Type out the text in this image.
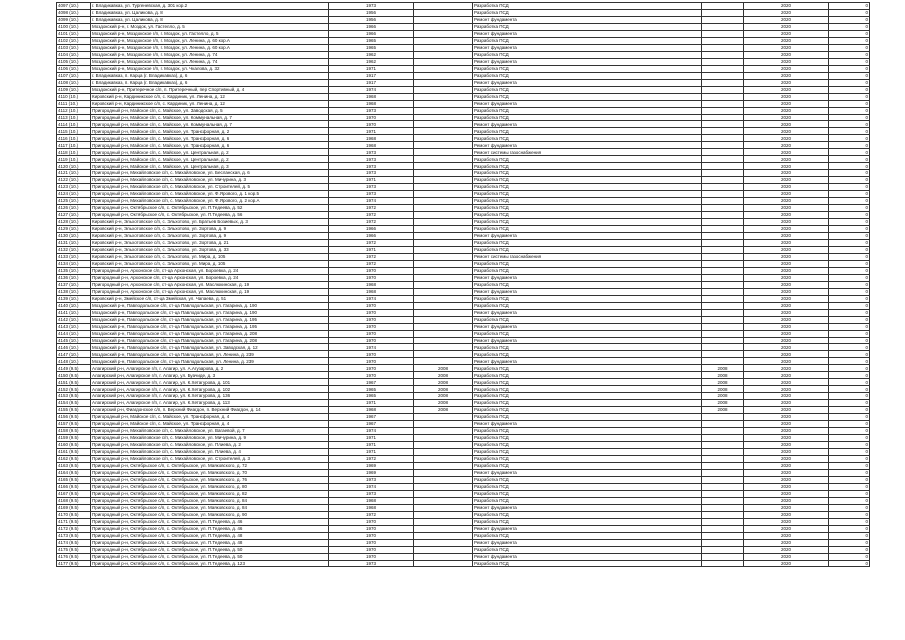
4097 (10.)	г. Владикавказ, ул. Тургеневская, д. 301 кор.2	1973		Разработка ПСД		2020	0
4098 (10.)	г. Владикавказ, ул. Цаликова, д. 8	1956		Разработка ПСД		2020	0
4099 (10.)	г. Владикавказ, ул. Цаликова, д. 8	1956		Ремонт фундамента		2020	0
4100 (10.)	Моздокский р-н, г. Моздок, ул. Гастелло, д. 5	1966		Разработка ПСД		2020	0
4101 (10.)	Моздокский р-н, Моздокское г/п, г. Моздок, ул. Гастелло, д. 5	1966		Ремонт фундамента		2020	0
4102 (10.)	Моздокский р-н, Моздокское г/п, г. Моздок, ул. Ленина, д. 60 кор.А	1965		Разработка ПСД		2020	0
4103 (10.)	Моздокский р-н, Моздокское г/п, г. Моздок, ул. Ленина, д. 60 кор.А	1965		Ремонт фундамента		2020	0
4104 (10.)	Моздокский р-н, Моздокское г/п, г. Моздок, ул. Ленина, д. 74	1962		Разработка ПСД		2020	0
4105 (10.)	Моздокский р-н, Моздокское г/п, г. Моздок, ул. Ленина, д. 74	1962		Ремонт фундамента		2020	0
4106 (10.)	Моздокский р-н, Моздокское г/п, г. Моздок, ул. Чкалова, д. 32	1971		Разработка ПСД		2020	0
4107 (10.)	г. Владикавказ, п. Карца (г. Владикавказ), д. 6	1917		Разработка ПСД		2020	0
4108 (10.)	г. Владикавказ, п. Карца (г. Владикавказ), д. 6	1917		Ремонт фундамента		2020	0
4109 (10.)	Моздокский р-н, Притеречное с/п, п. Притеречный, пер Спортивный, д. 4	1974		Разработка ПСД		2020	0
4110 (10.)	Кировский р-н, Кардиникское с/п, с. Кардиник, ул. Ленина, д. 12	1968		Разработка ПСД		2020	0
4111 (10.)	Кировский р-н, Кардиникское с/п, с. Кардиник, ул. Ленина, д. 12	1968		Ремонт фундамента		2020	0
4112 (10.)	Пригородный р-н, Майское с/п, с. Майское, ул. Заводская, д. 5	1973		Разработка ПСД		2020	0
4113 (10.)	Пригородный р-н, Майское с/п, с. Майское, ул. Коммунальная, д. 7	1970		Разработка ПСД		2020	0
4114 (10.)	Пригородный р-н, Майское с/п, с. Майское, ул. Коммунальная, д. 7	1970		Ремонт фундамента		2020	0
4115 (10.)	Пригородный р-н, Майское с/п, с. Майское, ул. Трансфорная, д. 2	1971		Разработка ПСД		2020	0
4116 (10.)	Пригородный р-н, Майское с/п, с. Майское, ул. Трансфорная, д. 6	1968		Разработка ПСД		2020	0
4117 (10.)	Пригородный р-н, Майское с/п, с. Майское, ул. Трансфорная, д. 6	1968		Ремонт фундамента		2020	0
4118 (10.)	Пригородный р-н, Майское с/п, с. Майское, ул. Центральная, д. 2	1973		Ремонт системы газоснабжения		2020	0
4119 (10.)	Пригородный р-н, Майское с/п, с. Майское, ул. Центральная, д. 2	1973		Разработка ПСД		2020	0
4120 (10.)	Пригородный р-н, Майское с/п, с. Майское, ул. Центральная, д. 3	1973		Разработка ПСД		2020	0
4121 (10.)	Пригородный р-н, Михайловское с/п, с. Михайловское, ул. Бесланская, д. 6	1973		Разработка ПСД		2020	0
4122 (10.)	Пригородный р-н, Михайловское с/п, с. Михайловское, ул. Мичурина, д. 3	1971		Разработка ПСД		2020	0
4123 (10.)	Пригородный р-н, Михайловское с/п, с. Михайловское, ул. Строителей, д. 5	1973		Разработка ПСД		2020	0
4124 (10.)	Пригородный р-н, Михайловское с/п, с. Михайловское, ул. Ф.Ярового, д. 1 кор.5	1973		Разработка ПСД		2020	0
4125 (10.)	Пригородный р-н, Михайловское с/п, с. Михайловское, ул. Ф.Ярового, д. 2 кор.А	1974		Разработка ПСД		2020	0
4126 (10.)	Пригородный р-н, Октябрьское с/п, с. Октябрьское, ул. П.Тедеева, д. 52	1972		Разработка ПСД		2020	0
4127 (10.)	Пригородный р-н, Октябрьское с/п, с. Октябрьское, ул. П.Тедеева, д. 56	1972		Разработка ПСД		2020	0
4128 (10.)	Кировский р-н, Эльхотовское с/п, с. Эльхотово, ул. Братьев Бозиевых, д. 3	1972		Разработка ПСД		2020	0
4129 (10.)	Кировский р-н, Эльхотовское с/п, с. Эльхотово, ул. Зортова, д. 9	1966		Разработка ПСД		2020	0
4130 (10.)	Кировский р-н, Эльхотовское с/п, с. Эльхотово, ул. Зортова, д. 9	1966		Ремонт фундамента		2020	0
4131 (10.)	Кировский р-н, Эльхотовское с/п, с. Эльхотово, ул. Зортова, д. 21	1972		Разработка ПСД		2020	0
4132 (10.)	Кировский р-н, Эльхотовское с/п, с. Эльхотово, ул. Зортова, д. 33	1971		Разработка ПСД		2020	0
4133 (10.)	Кировский р-н, Эльхотовское с/п, с. Эльхотово, ул. Мира, д. 105	1972		Ремонт системы газоснабжения		2020	0
4134 (10.)	Кировский р-н, Эльхотовское с/п, с. Эльхотово, ул. Мира, д. 105	1972		Разработка ПСД		2020	0
4135 (10.)	Пригородный р-н, Архонское с/п, ст-ца Архонская, ул. Бороевка, д. 24	1970		Разработка ПСД		2020	0
4136 (10.)	Пригородный р-н, Архонское с/п, ст-ца Архонская, ул. Бороевка, д. 24	1970		Ремонт фундамента		2020	0
4137 (10.)	Пригородный р-н, Архонское с/п, ст-ца Архонская, ул. Маслюкинская, д. 19	1968		Разработка ПСД		2020	0
4138 (10.)	Пригородный р-н, Архонское с/п, ст-ца Архонская, ул. Маслюкинская, д. 19	1968		Ремонт фундамента		2020	0
4139 (10.)	Кировский р-н, Змейское с/п, ст-ца Змейская, ул. Чапаева, д. 51	1974		Разработка ПСД		2020	0
4140 (10.)	Моздокский р-н, Павлодольское с/п, ст-ца Павлодольская, ул. Гагарина, д. 190	1970		Разработка ПСД		2020	0
4141 (10.)	Моздокский р-н, Павлодольское с/п, ст-ца Павлодольская, ул. Гагарина, д. 190	1970		Ремонт фундамента		2020	0
4142 (10.)	Моздокский р-н, Павлодольское с/п, ст-ца Павлодольская, ул. Гагарина, д. 195	1970		Разработка ПСД		2020	0
4143 (10.)	Моздокский р-н, Павлодольское с/п, ст-ца Павлодольская, ул. Гагарина, д. 195	1970		Ремонт фундамента		2020	0
4144 (10.)	Моздокский р-н, Павлодольское с/п, ст-ца Павлодольская, ул. Гагарина, д. 208	1970		Разработка ПСД		2020	0
4145 (10.)	Моздокский р-н, Павлодольское с/п, ст-ца Павлодольская, ул. Гагарина, д. 208	1970		Ремонт фундамента		2020	0
4146 (10.)	Моздокский р-н, Павлодольское с/п, ст-ца Павлодольская, ул. Заводская, д. 12	1974		Разработка ПСД		2020	0
4147 (10.)	Моздокский р-н, Павлодольское с/п, ст-ца Павлодольская, ул. Ленина, д. 239	1970		Разработка ПСД		2020	0
4148 (10.)	Моздокский р-н, Павлодольское с/п, ст-ца Павлодольская, ул. Ленина, д. 239	1970		Ремонт фундамента		2020	0
4149 (9.5)	Алагирский р-н, Алагирское г/п, г. Алагир, ул. А.Агузарова, д. 2	1970	2008	Разработка ПСД	2008	2020	0
4150 (9.5)	Алагирский р-н, Алагирское г/п, г. Алагир, ул. Буачиде, д. 3	1970	2008	Разработка ПСД	2008	2020	0
4151 (9.5)	Алагирский р-н, Алагирское г/п, г. Алагир, ул. К.Хетагурова, д. 101	1967	2008	Разработка ПСД	2008	2020	0
4152 (9.5)	Алагирский р-н, Алагирское г/п, г. Алагир, ул. К.Хетагурова, д. 102	1965	2008	Разработка ПСД	2008	2020	0
4153 (9.5)	Алагирский р-н, Алагирское г/п, г. Алагир, ул. К.Хетагурова, д. 136	1965	2008	Разработка ПСД	2008	2020	0
4154 (9.5)	Алагирский р-н, Алагирское г/п, г. Алагир, ул. К.Хетагурова, д. 113	1971	2008	Разработка ПСД	2008	2020	0
4155 (9.5)	Алагирский р-н, Фиагдонское с/п, п. Верхний Фиагдон, п. Верхний Фиагдон, д. 14	1968	2008	Разработка ПСД	2008	2020	0
4156 (9.5)	Пригородный р-н, Майское с/п, с. Майское, ул. Трансфорная, д. 4	1967		Разработка ПСД		2020	0
4157 (9.5)	Пригородный р-н, Майское с/п, с. Майское, ул. Трансфорная, д. 4	1967		Ремонт фундамента		2020	0
4158 (9.5)	Пригородный р-н, Михайловское с/п, с. Михайловское, ул. Вагаевой, д. 7	1974		Разработка ПСД		2020	0
4159 (9.5)	Пригородный р-н, Михайловское с/п, с. Михайловское, ул. Мичурина, д. 9	1971		Разработка ПСД		2020	0
4160 (9.5)	Пригородный р-н, Михайловское с/п, с. Михайловское, ул. Плиева, д. 2	1971		Разработка ПСД		2020	0
4161 (9.5)	Пригородный р-н, Михайловское с/п, с. Михайловское, ул. Плиева, д. 4	1971		Разработка ПСД		2020	0
4162 (9.5)	Пригородный р-н, Михайловское с/п, с. Михайловское, ул. Строителей, д. 3	1972		Разработка ПСД		2020	0
4163 (9.5)	Пригородный р-н, Октябрьское с/п, с. Октябрьское, ул. Маяковского, д. 72	1969		Разработка ПСД		2020	0
4164 (9.5)	Пригородный р-н, Октябрьское с/п, с. Октябрьское, ул. Маяковского, д. 70	1969		Ремонт фундамента		2020	0
4165 (9.5)	Пригородный р-н, Октябрьское с/п, с. Октябрьское, ул. Маяковского, д. 76	1973		Разработка ПСД		2020	0
4166 (9.5)	Пригородный р-н, Октябрьское с/п, с. Октябрьское, ул. Маяковского, д. 80	1974		Разработка ПСД		2020	0
4167 (9.5)	Пригородный р-н, Октябрьское с/п, с. Октябрьское, ул. Маяковского, д. 82	1973		Разработка ПСД		2020	0
4168 (9.5)	Пригородный р-н, Октябрьское с/п, с. Октябрьское, ул. Маяковского, д. 84	1968		Разработка ПСД		2020	0
4169 (9.5)	Пригородный р-н, Октябрьское с/п, с. Октябрьское, ул. Маяковского, д. 84	1968		Ремонт фундамента		2020	0
4170 (9.5)	Пригородный р-н, Октябрьское с/п, с. Октябрьское, ул. Маяковского, д. 90	1972		Разработка ПСД		2020	0
4171 (9.5)	Пригородный р-н, Октябрьское с/п, с. Октябрьское, ул. П.Тедеева, д. 46	1970		Разработка ПСД		2020	0
4172 (9.5)	Пригородный р-н, Октябрьское с/п, с. Октябрьское, ул. П.Тедеева, д. 46	1970		Ремонт фундамента		2020	0
4173 (9.5)	Пригородный р-н, Октябрьское с/п, с. Октябрьское, ул. П.Тедеева, д. 48	1970		Разработка ПСД		2020	0
4174 (9.5)	Пригородный р-н, Октябрьское с/п, с. Октябрьское, ул. П.Тедеева, д. 48	1970		Ремонт фундамента		2020	0
4175 (9.5)	Пригородный р-н, Октябрьское с/п, с. Октябрьское, ул. П.Тедеева, д. 50	1970		Разработка ПСД		2020	0
4176 (9.5)	Пригородный р-н, Октябрьское с/п, с. Октябрьское, ул. П.Тедеева, д. 50	1970		Ремонт фундамента		2020	0
4177 (9.5)	Пригородный р-н, Октябрьское с/п, с. Октябрьское, ул. П.Тедеева, д. 123	1973		Разработка ПСД		2020	0
